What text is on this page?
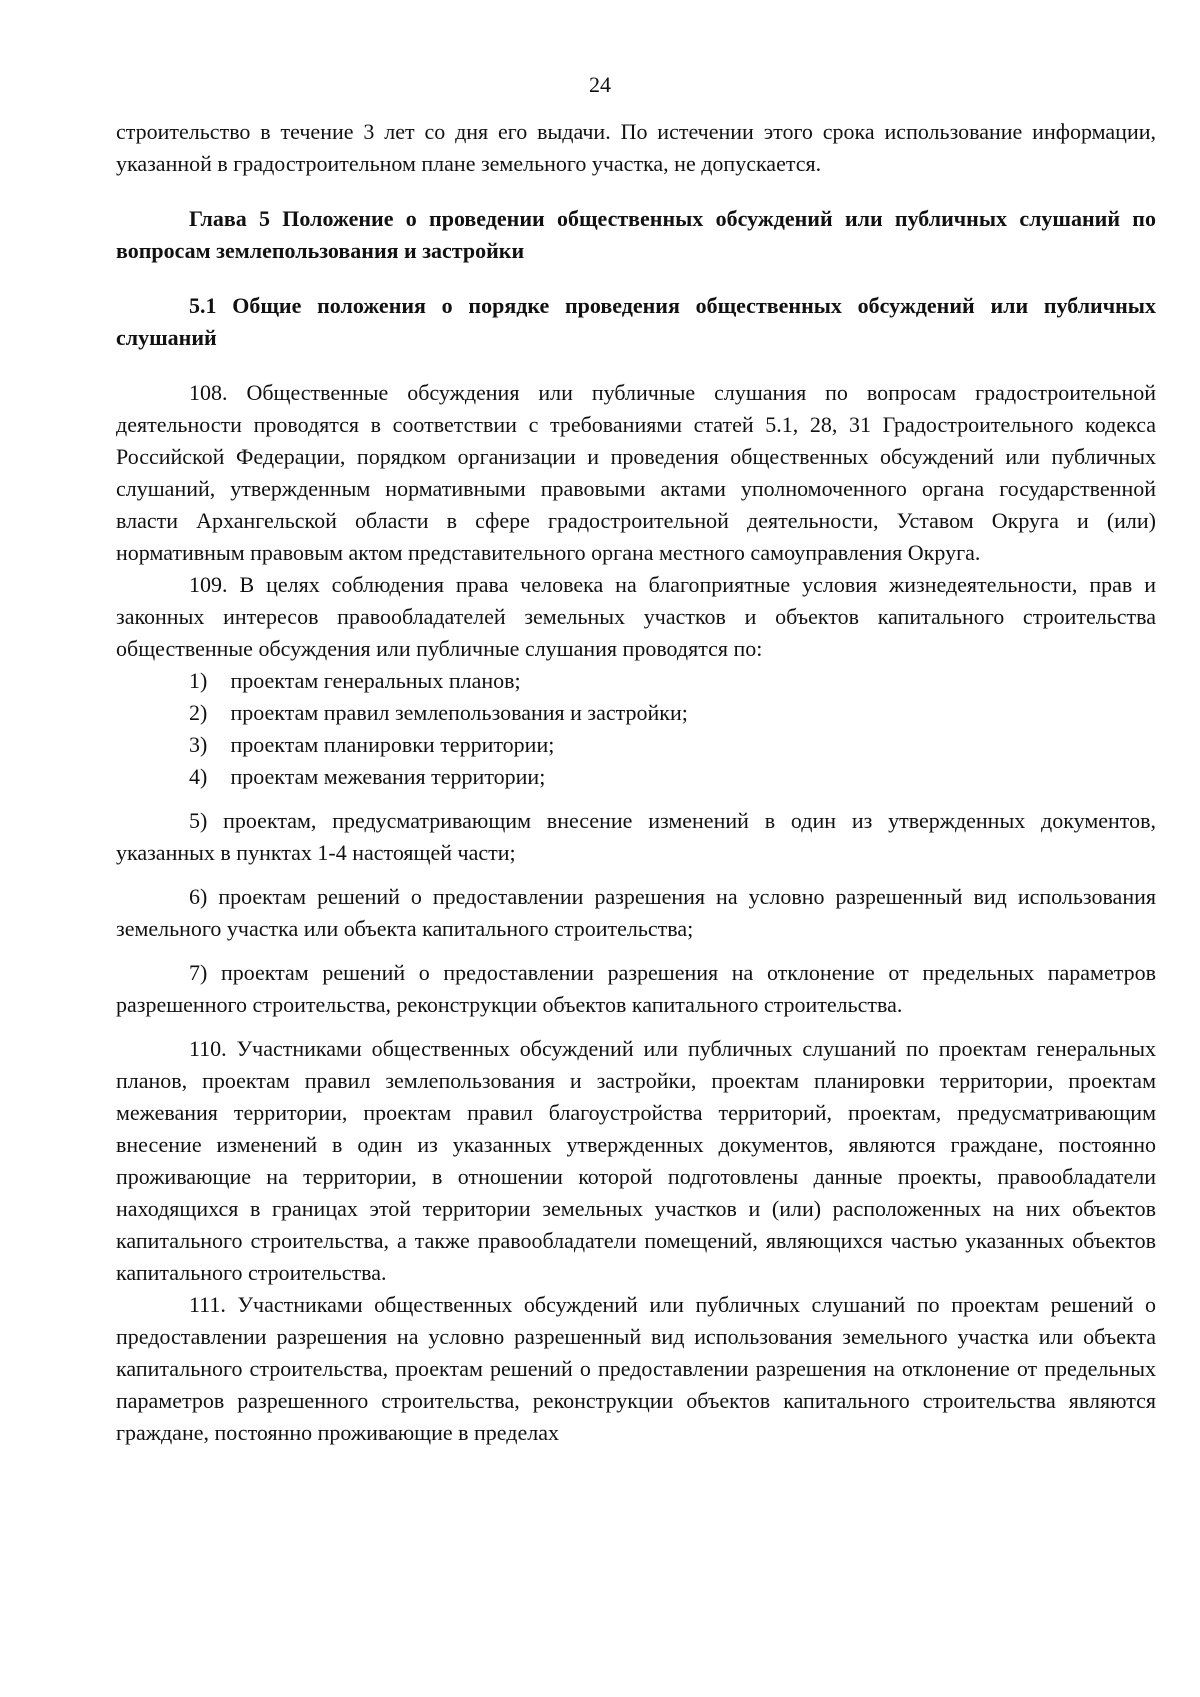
24

строительство в течение 3 лет со дня его выдачи. По истечении этого срока использование информации, указанной в градостроительном плане земельного участка, не допускается.

Глава 5 Положение о проведении общественных обсуждений или публичных слушаний по вопросам землепользования и застройки

5.1 Общие положения о порядке проведения общественных обсуждений или публичных слушаний

108. Общественные обсуждения или публичные слушания по вопросам градостроительной деятельности проводятся в соответствии с требованиями статей 5.1, 28, 31 Градостроительного кодекса Российской Федерации, порядком организации и проведения общественных обсуждений или публичных слушаний, утвержденным нормативными правовыми актами уполномоченного органа государственной власти Архангельской области в сфере градостроительной деятельности, Уставом Округа и (или) нормативным правовым актом представительного органа местного самоуправления Округа.

109. В целях соблюдения права человека на благоприятные условия жизнедеятельности, прав и законных интересов правообладателей земельных участков и объектов капитального строительства общественные обсуждения или публичные слушания проводятся по:

1) проектам генеральных планов;
2) проектам правил землепользования и застройки;
3) проектам планировки территории;
4) проектам межевания территории;

5) проектам, предусматривающим внесение изменений в один из утвержденных документов, указанных в пунктах 1-4 настоящей части;

6) проектам решений о предоставлении разрешения на условно разрешенный вид использования земельного участка или объекта капитального строительства;

7) проектам решений о предоставлении разрешения на отклонение от предельных параметров разрешенного строительства, реконструкции объектов капитального строительства.

110. Участниками общественных обсуждений или публичных слушаний по проектам генеральных планов, проектам правил землепользования и застройки, проектам планировки территории, проектам межевания территории, проектам правил благоустройства территорий, проектам, предусматривающим внесение изменений в один из указанных утвержденных документов, являются граждане, постоянно проживающие на территории, в отношении которой подготовлены данные проекты, правообладатели находящихся в границах этой территории земельных участков и (или) расположенных на них объектов капитального строительства, а также правообладатели помещений, являющихся частью указанных объектов капитального строительства.

111. Участниками общественных обсуждений или публичных слушаний по проектам решений о предоставлении разрешения на условно разрешенный вид использования земельного участка или объекта капитального строительства, проектам решений о предоставлении разрешения на отклонение от предельных параметров разрешенного строительства, реконструкции объектов капитального строительства являются граждане, постоянно проживающие в пределах
